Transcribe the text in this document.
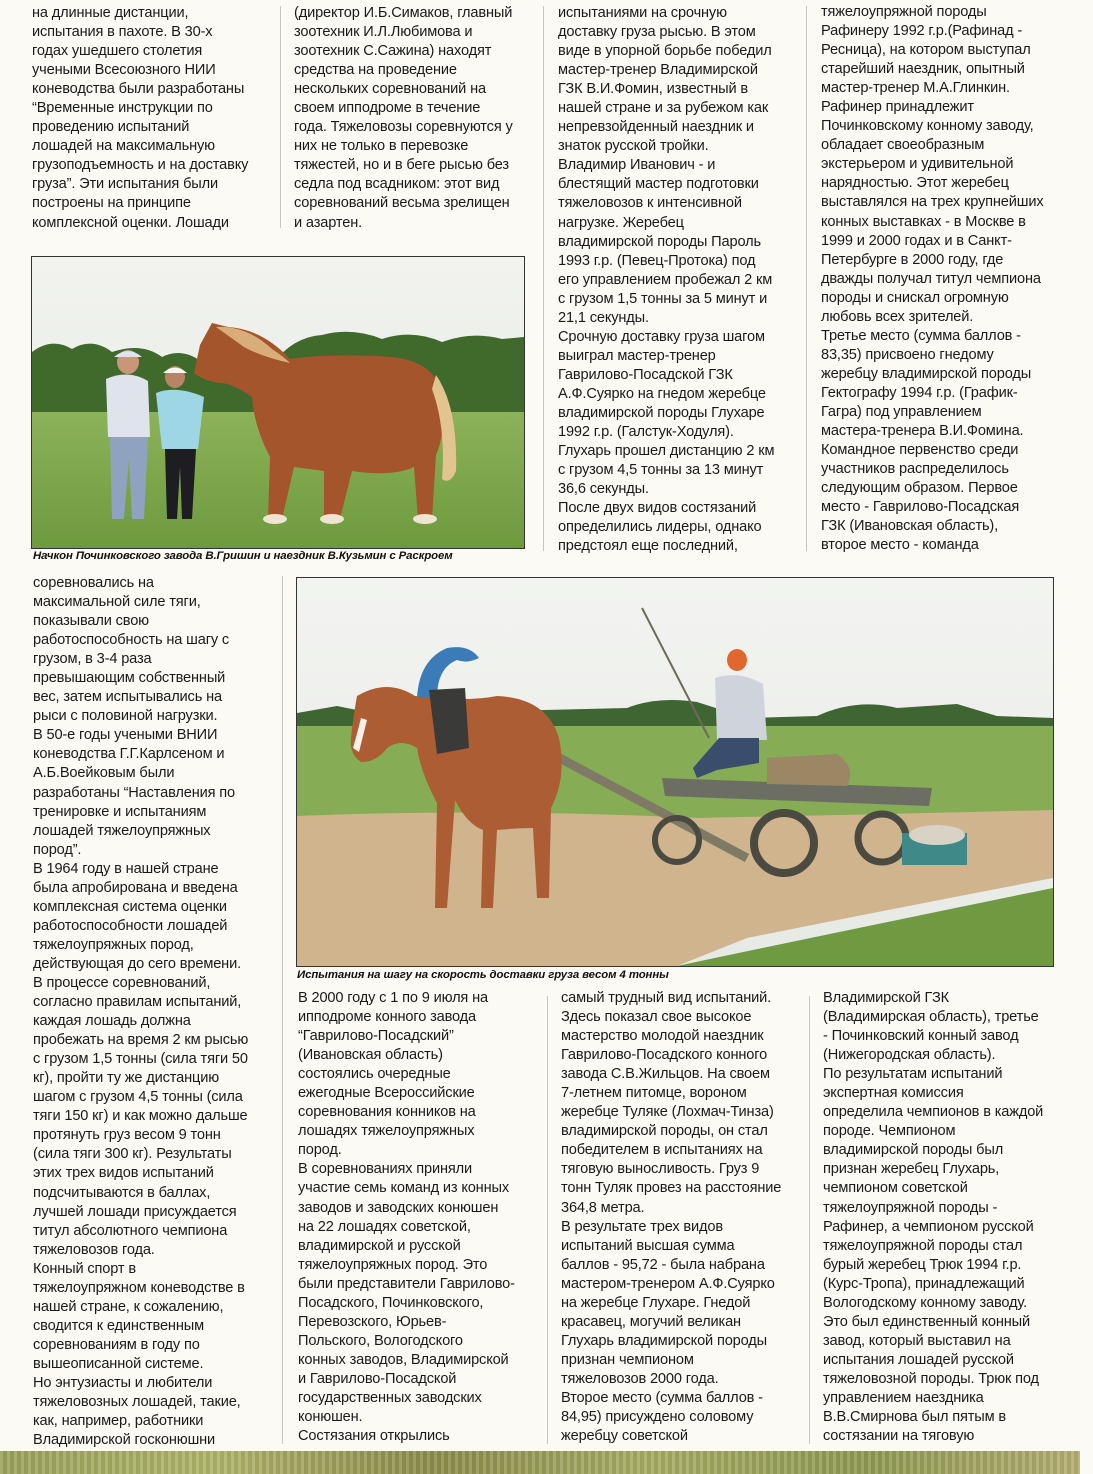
на длинные дистанции,
испытания в пахоте. В 30-х
годах ушедшего столетия
учеными Всесоюзного НИИ
коневодства были разработаны
“Временные инструкции по
проведению испытаний
лошадей на максимальную
грузоподъемность и на доставку
груза”. Эти испытания были
построены на принципе
комплексной оценки. Лошади
(директор И.Б.Симаков, главный
зоотехник И.Л.Любимова и
зоотехник С.Сажина) находят
средства на проведение
нескольких соревнований на
своем ипподроме в течение
года. Тяжеловозы соревнуются у
них не только в перевозке
тяжестей, но и в беге рысью без
седла под всадником: этот вид
соревнований весьма зрелищен
и азартен.
испытаниями на срочную
доставку груза рысью. В этом
виде в упорной борьбе победил
мастер-тренер Владимирской
ГЗК В.И.Фомин, известный в
нашей стране и за рубежом как
непревзойденный наездник и
знаток русской тройки.
Владимир Иванович - и
блестящий мастер подготовки
тяжеловозов к интенсивной
нагрузке. Жеребец
владимирской породы Пароль
1993 г.р. (Певец-Протока) под
его управлением пробежал 2 км
с грузом 1,5 тонны за 5 минут и
21,1 секунды.
Срочную доставку груза шагом
выиграл мастер-тренер
Гаврилово-Посадской ГЗК
А.Ф.Суярко на гнедом жеребце
владимирской породы Глухаре
1992 г.р. (Галстук-Ходуля).
Глухарь прошел дистанцию 2 км
с грузом 4,5 тонны за 13 минут
36,6 секунды.
После двух видов состязаний
определились лидеры, однако
предстоял еще последний,
тяжелоупряжной породы
Рафинеру 1992 г.р.(Рафинад -
Ресница), на котором выступал
старейший наездник, опытный
мастер-тренер М.А.Глинкин.
Рафинер принадлежит
Починковскому конному заводу,
обладает своеобразным
экстерьером и удивительной
нарядностью. Этот жеребец
выставлялся на трех крупнейших
конных выставках - в Москве в
1999 и 2000 годах и в Санкт-
Петербурге в 2000 году, где
дважды получал титул чемпиона
породы и снискал огромную
любовь всех зрителей.
Третье место (сумма баллов -
83,35) присвоено гнедому
жеребцу владимирской породы
Гектографу 1994 г.р. (График-
Гагра) под управлением
мастера-тренера В.И.Фомина.
Командное первенство среди
участников распределилось
следующим образом. Первое
место - Гаврилово-Посадская
ГЗК (Ивановская область),
второе место - команда
Начкон Починковского завода В.Гришин и наездник В.Кузьмин с Раскроем
соревновались на
максимальной силе тяги,
показывали свою
работоспособность на шагу с
грузом, в 3-4 раза
превышающим собственный
вес, затем испытывались на
рыси с половиной нагрузки.
В 50-е годы учеными ВНИИ
коневодства Г.Г.Карлсеном и
А.Б.Воейковым были
разработаны “Наставления по
тренировке и испытаниям
лошадей тяжелоупряжных
пород”.
В 1964 году в нашей стране
была апробирована и введена
комплексная система оценки
работоспособности лошадей
тяжелоупряжных пород,
действующая до сего времени.
В процессе соревнований,
согласно правилам испытаний,
каждая лошадь должна
пробежать на время 2 км рысью
с грузом 1,5 тонны (сила тяги 50
кг), пройти ту же дистанцию
шагом с грузом 4,5 тонны (сила
тяги 150 кг) и как можно дальше
протянуть груз весом 9 тонн
(сила тяги 300 кг). Результаты
этих трех видов испытаний
подсчитываются в баллах,
лучшей лошади присуждается
титул абсолютного чемпиона
тяжеловозов года.
Конный спорт в
тяжелоупряжном коневодстве в
нашей стране, к сожалению,
сводится к единственным
соревнованиям в году по
вышеописанной системе.
Но энтузиасты и любители
тяжеловозных лошадей, такие,
как, например, работники
Владимирской госконюшни
Испытания на шагу на скорость доставки груза весом 4 тонны
В 2000 году с 1 по 9 июля на
ипподроме конного завода
“Гаврилово-Посадский”
(Ивановская область)
состоялись очередные
ежегодные Всероссийские
соревнования конников на
лошадях тяжелоупряжных
пород.
В соревнованиях приняли
участие семь команд из конных
заводов и заводских конюшен
на 22 лошадях советской,
владимирской и русской
тяжелоупряжных пород. Это
были представители Гаврилово-
Посадского, Починковского,
Перевозского, Юрьев-
Польского, Вологодского
конных заводов, Владимирской
и Гаврилово-Посадской
государственных заводских
конюшен.
Состязания открылись
самый трудный вид испытаний.
Здесь показал свое высокое
мастерство молодой наездник
Гаврилово-Посадского конного
завода С.В.Жильцов. На своем
7-летнем питомце, вороном
жеребце Туляке (Лохмач-Тинза)
владимирской породы, он стал
победителем в испытаниях на
тяговую выносливость. Груз 9
тонн Туляк провез на расстояние
364,8 метра.
В результате трех видов
испытаний высшая сумма
баллов - 95,72 - была набрана
мастером-тренером А.Ф.Суярко
на жеребце Глухаре. Гнедой
красавец, могучий великан
Глухарь владимирской породы
признан чемпионом
тяжеловозов 2000 года.
Второе место (сумма баллов -
84,95) присуждено соловому
жеребцу советской
Владимирской ГЗК
(Владимирская область), третье
- Починковский конный завод
(Нижегородская область).
По результатам испытаний
экспертная комиссия
определила чемпионов в каждой
породе. Чемпионом
владимирской породы был
признан жеребец Глухарь,
чемпионом советской
тяжелоупряжной породы -
Рафинер, а чемпионом русской
тяжелоупряжной породы стал
бурый жеребец Трюк 1994 г.р.
(Курс-Тропа), принадлежащий
Вологодскому конному заводу.
Это был единственный конный
завод, который выставил на
испытания лошадей русской
тяжеловозной породы. Трюк под
управлением наездника
В.В.Смирнова был пятым в
состязании на тяговую
